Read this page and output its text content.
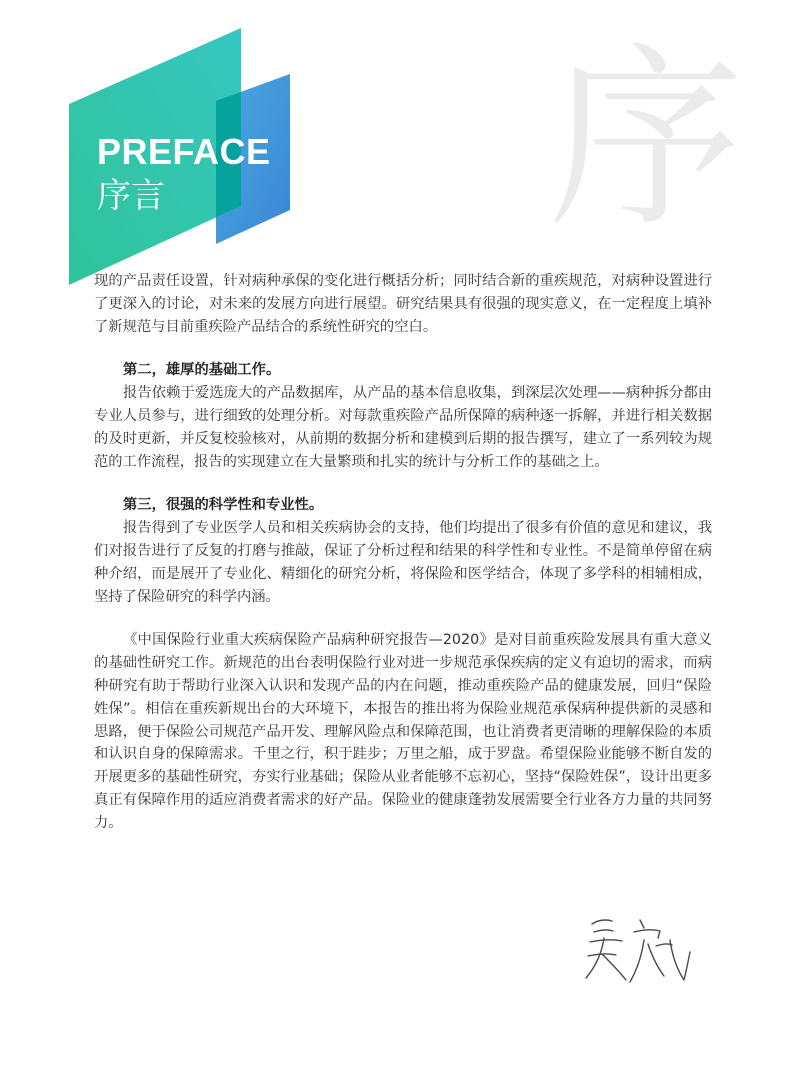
序
PREFACE
序言

现的产品责任设置，针对病种承保的变化进行概括分析；同时结合新的重疾规范，对病种设置进行了更深入的讨论，对未来的发展方向进行展望。研究结果具有很强的现实意义，在一定程度上填补了新规范与目前重疾险产品结合的系统性研究的空白。

第二，雄厚的基础工作。

报告依赖于爱选庞大的产品数据库，从产品的基本信息收集，到深层次处理——病种拆分都由专业人员参与，进行细致的处理分析。对每款重疾险产品所保障的病种逐一拆解，并进行相关数据的及时更新，并反复校验核对，从前期的数据分析和建模到后期的报告撰写，建立了一系列较为规范的工作流程，报告的实现建立在大量繁琐和扎实的统计与分析工作的基础之上。

第三，很强的科学性和专业性。

报告得到了专业医学人员和相关疾病协会的支持，他们均提出了很多有价值的意见和建议，我们对报告进行了反复的打磨与推敲，保证了分析过程和结果的科学性和专业性。不是简单停留在病种介绍，而是展开了专业化、精细化的研究分析，将保险和医学结合，体现了多学科的相辅相成，坚持了保险研究的科学内涵。

《中国保险行业重大疾病保险产品病种研究报告—2020》是对目前重疾险发展具有重大意义的基础性研究工作。新规范的出台表明保险行业对进一步规范承保疾病的定义有迫切的需求，而病种研究有助于帮助行业深入认识和发现产品的内在问题，推动重疾险产品的健康发展，回归“保险姓保”。相信在重疾新规出台的大环境下，本报告的推出将为保险业规范承保病种提供新的灵感和思路，便于保险公司规范产品开发、理解风险点和保障范围，也让消费者更清晰的理解保险的本质和认识自身的保障需求。千里之行，积于跬步；万里之船，成于罗盘。希望保险业能够不断自发的开展更多的基础性研究，夯实行业基础；保险从业者能够不忘初心，坚持“保险姓保”，设计出更多真正有保障作用的适应消费者需求的好产品。保险业的健康蓬勃发展需要全行业各方力量的共同努力。
